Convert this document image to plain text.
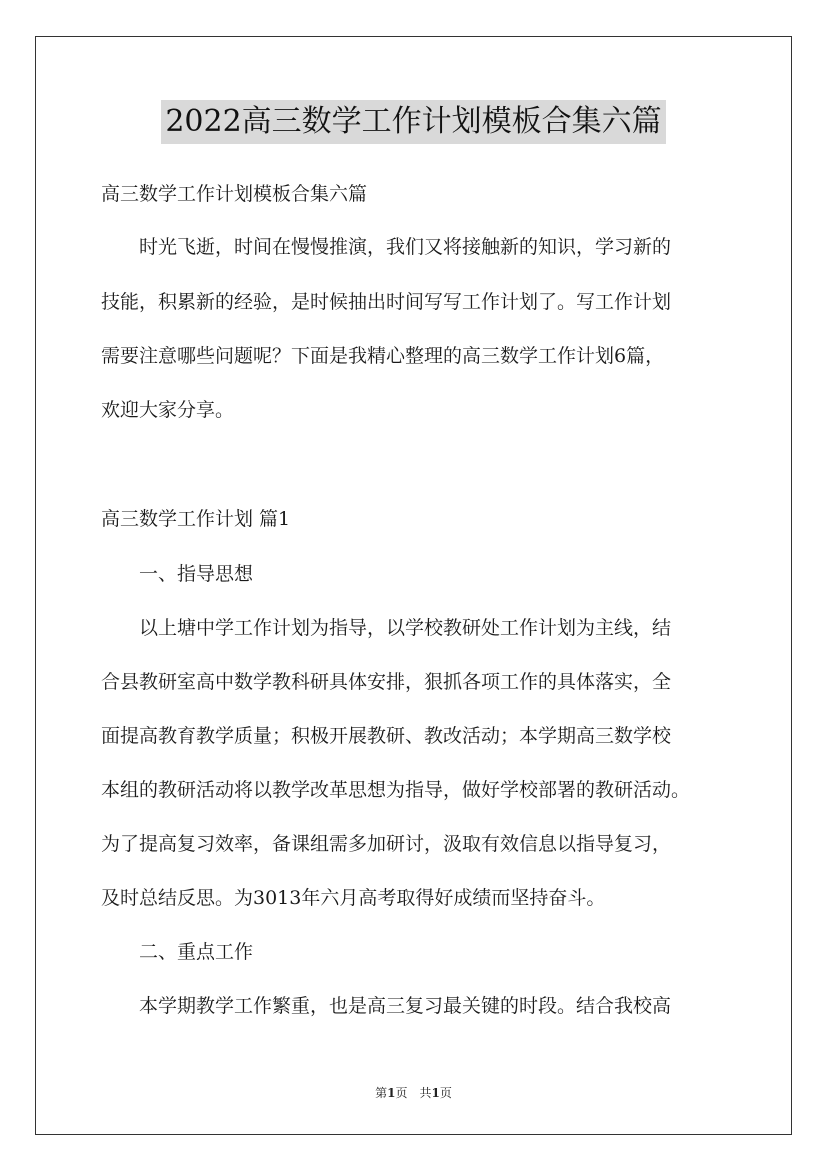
2022高三数学工作计划模板合集六篇
高三数学工作计划模板合集六篇
　　时光飞逝，时间在慢慢推演，我们又将接触新的知识，学习新的
技能，积累新的经验，是时候抽出时间写写工作计划了。写工作计划
需要注意哪些问题呢？下面是我精心整理的高三数学工作计划6篇，
欢迎大家分享。
高三数学工作计划 篇1
　　一、指导思想
　　以上塘中学工作计划为指导，以学校教研处工作计划为主线，结
合县教研室高中数学教科研具体安排，狠抓各项工作的具体落实，全
面提高教育教学质量；积极开展教研、教改活动；本学期高三数学校
本组的教研活动将以教学改革思想为指导，做好学校部署的教研活动。
为了提高复习效率，备课组需多加研讨，汲取有效信息以指导复习，
及时总结反思。为3013年六月高考取得好成绩而坚持奋斗。
　　二、重点工作
　　本学期教学工作繁重，也是高三复习最关键的时段。结合我校高
第1页　共1页
